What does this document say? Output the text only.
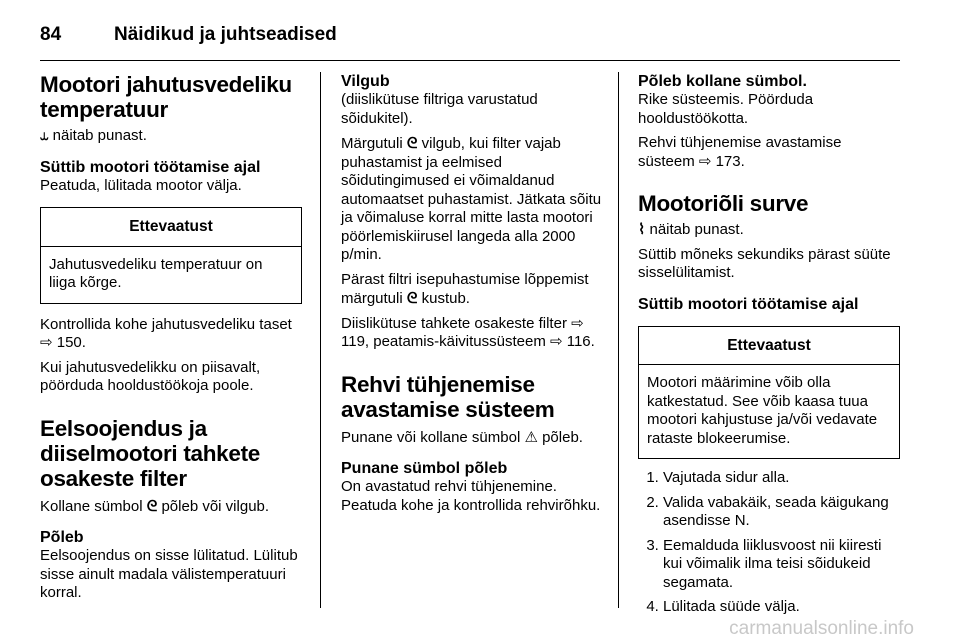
84	Näidikud ja juhtseadised
Mootori jahutusvedeliku temperatuur

⥿ näitab punast.

Süttib mootori töötamise ajal

Peatuda, lülitada mootor välja.

Ettevaatust
Jahutusvedeliku temperatuur on liiga kõrge.

Kontrollida kohe jahutusvedeliku taset ⇨ 150.

Kui jahutusvedelikku on piisavalt, pöörduda hooldustöökoja poole.

Eelsoojendus ja diiselmootori tahkete osakeste filter

Kollane sümbol ᘓ põleb või vilgub.

Põleb

Eelsoojendus on sisse lülitatud. Lülitub sisse ainult madala välistemperatuuri korral.

Vilgub

(diislikütuse filtriga varustatud sõidukitel).

Märgutuli ᘓ vilgub, kui filter vajab puhastamist ja eelmised sõidutingimused ei võimaldanud automaatset puhastamist. Jätkata sõitu ja võimaluse korral mitte lasta mootori pöörlemiskiirusel langeda alla 2000 p/min.

Pärast filtri isepuhastumise lõppemist märgutuli ᘓ kustub.

Diislikütuse tahkete osakeste filter ⇨ 119, peatamis-käivitussüsteem ⇨ 116.

Rehvi tühjenemise avastamise süsteem

Punane või kollane sümbol ⚠ põleb.

Punane sümbol põleb

On avastatud rehvi tühjenemine. Peatuda kohe ja kontrollida rehvirõhku.

Põleb kollane sümbol.

Rike süsteemis. Pöörduda hooldustöökotta.

Rehvi tühjenemise avastamise süsteem ⇨ 173.

Mootoriõli surve

⌇ näitab punast.

Süttib mõneks sekundiks pärast süüte sisselülitamist.

Süttib mootori töötamise ajal
Ettevaatust
Mootori määrimine võib olla katkestatud. See võib kaasa tuua mootori kahjustuse ja/või vedavate rataste blokeerumise.
1. Vajutada sidur alla.
2. Valida vabakäik, seada käigukang asendisse N.
3. Eemalduda liiklusvoost nii kiiresti kui võimalik ilma teisi sõidukeid segamata.
4. Lülitada süüde välja.
carmanualsonline.info
